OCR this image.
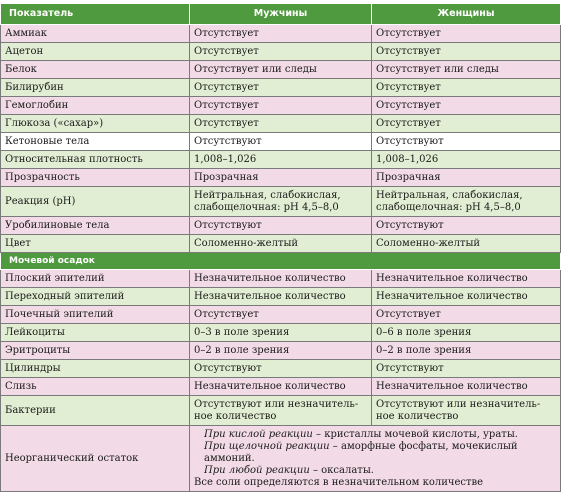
Показатель	Мужчины	Женщины
Аммиак	Отсутствует	Отсутствует
Ацетон	Отсутствует	Отсутствует
Белок	Отсутствует или следы	Отсутствует или следы
Билирубин	Отсутствует	Отсутствует
Гемоглобин	Отсутствует	Отсутствует
Глюкоза («сахар»)	Отсутствует	Отсутствует
Кетоновые тела	Отсутствуют	Отсутствуют
Относительная плотность	1,008–1,026	1,008–1,026
Прозрачность	Прозрачная	Прозрачная
Реакция (рН)	Нейтральная, слабокислая, слабощелочная: рН 4,5–8,0	Нейтральная, слабокислая, слабощелочная: рН 4,5–8,0
Уробилиновые тела	Отсутствуют	Отсутствуют
Цвет	Соломенно-желтый	Соломенно-желтый
Мочевой осадок		
Плоский эпителий	Незначительное количество	Незначительное количество
Переходный эпителий	Незначительное количество	Незначительное количество
Почечный эпителий	Отсутствует	Отсутствует
Лейкоциты	0–3 в поле зрения	0–6 в поле зрения
Эритроциты	0–2 в поле зрения	0–2 в поле зрения
Цилиндры	Отсутствуют	Отсутствуют
Слизь	Незначительное количество	Незначительное количество
Бактерии	Отсутствуют или незначитель-ное количество	Отсутствуют или незначитель-ное количество
Неорганический остаток	При кислой реакции – кристаллы мочевой кислоты, ураты.
При щелочной реакции – аморфные фосфаты, мочекислый аммоний.
При любой реакции – оксалаты.
Все соли определяются в незначительном количестве	
